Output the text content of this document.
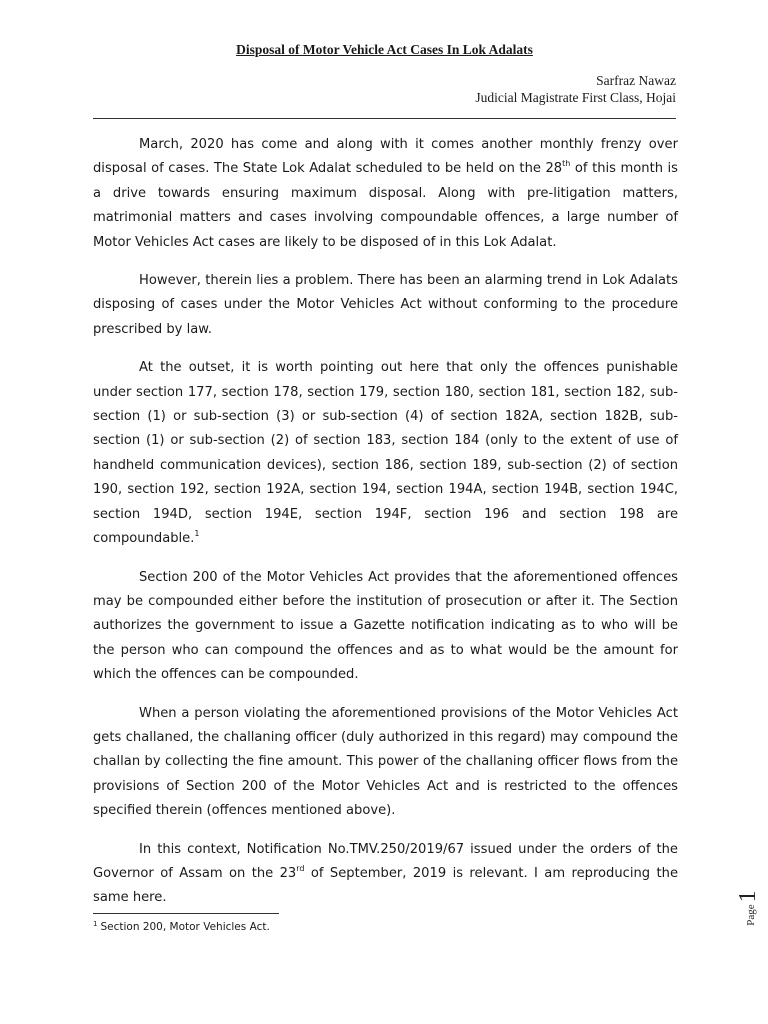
Disposal of Motor Vehicle Act Cases In Lok Adalats
Sarfraz Nawaz
Judicial Magistrate First Class, Hojai

March, 2020 has come and along with it comes another monthly frenzy over disposal of cases. The State Lok Adalat scheduled to be held on the 28th of this month is a drive towards ensuring maximum disposal. Along with pre-litigation matters, matrimonial matters and cases involving compoundable offences, a large number of Motor Vehicles Act cases are likely to be disposed of in this Lok Adalat.

However, therein lies a problem. There has been an alarming trend in Lok Adalats disposing of cases under the Motor Vehicles Act without conforming to the procedure prescribed by law.

At the outset, it is worth pointing out here that only the offences punishable under section 177, section 178, section 179, section 180, section 181, section 182, sub-section (1) or sub-section (3) or sub-section (4) of section 182A, section 182B, sub-section (1) or sub-section (2) of section 183, section 184 (only to the extent of use of handheld communication devices), section 186, section 189, sub-section (2) of section 190, section 192, section 192A, section 194, section 194A, section 194B, section 194C, section 194D, section 194E, section 194F, section 196 and section 198 are compoundable.$^1$

Section 200 of the Motor Vehicles Act provides that the aforementioned offences may be compounded either before the institution of prosecution or after it. The Section authorizes the government to issue a Gazette notification indicating as to who will be the person who can compound the offences and as to what would be the amount for which the offences can be compounded.

When a person violating the aforementioned provisions of the Motor Vehicles Act gets challaned, the challaning officer (duly authorized in this regard) may compound the challan by collecting the fine amount. This power of the challaning officer flows from the provisions of Section 200 of the Motor Vehicles Act and is restricted to the offences specified therein (offences mentioned above).

In this context, Notification No.TMV.250/2019/67 issued under the orders of the Governor of Assam on the 23rd of September, 2019 is relevant. I am reproducing the same here.

$^1$ Section 200, Motor Vehicles Act.
Page
1
